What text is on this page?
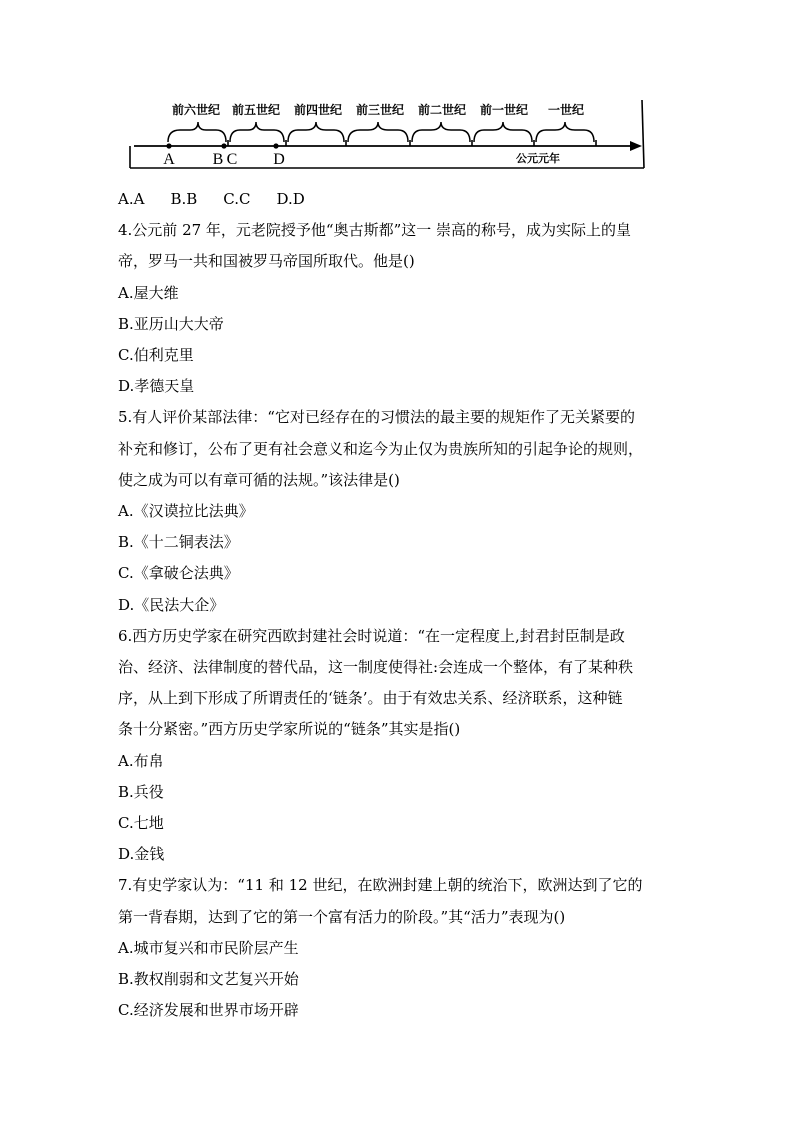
前六世纪 前五世纪 前四世纪 前三世纪 前二世纪 前一世纪 一世纪
A B C D	公元元年
A.A B.B C.C D.D
4.公元前 27 年，元老院授予他“奥古斯都”这一 崇高的称号，成为实际上的皇
帝，罗马一共和国被罗马帝国所取代。他是()
A.屋大维
B.亚历山大大帝
C.伯利克里
D.孝德天皇
5.有人评价某部法律：“它对已经存在的习惯法的最主要的规矩作了无关紧要的
补充和修订，公布了更有社会意义和迄今为止仅为贵族所知的引起争论的规则，
使之成为可以有章可循的法规。”该法律是()
A.《汉谟拉比法典》
B.《十二铜表法》
C.《拿破仑法典》
D.《民法大企》
6.西方历史学家在研究西欧封建社会时说道：“在一定程度上,封君封臣制是政
治、经济、法律制度的替代品，这一制度使得社:会连成一个整体，有了某种秩
序，从上到下形成了所谓责任的‘链条’。由于有效忠关系、经济联系，这种链
条十分紧密。”西方历史学家所说的“链条”其实是指()
A.布帛
B.兵役
C.七地
D.金钱
7.有史学家认为：“11 和 12 世纪，在欧洲封建上朝的统治下，欧洲达到了它的
第一背春期，达到了它的第一个富有活力的阶段。”其“活力”表现为()
A.城市复兴和市民阶层产生
B.教权削弱和文艺复兴开始
C.经济发展和世界市场开辟
